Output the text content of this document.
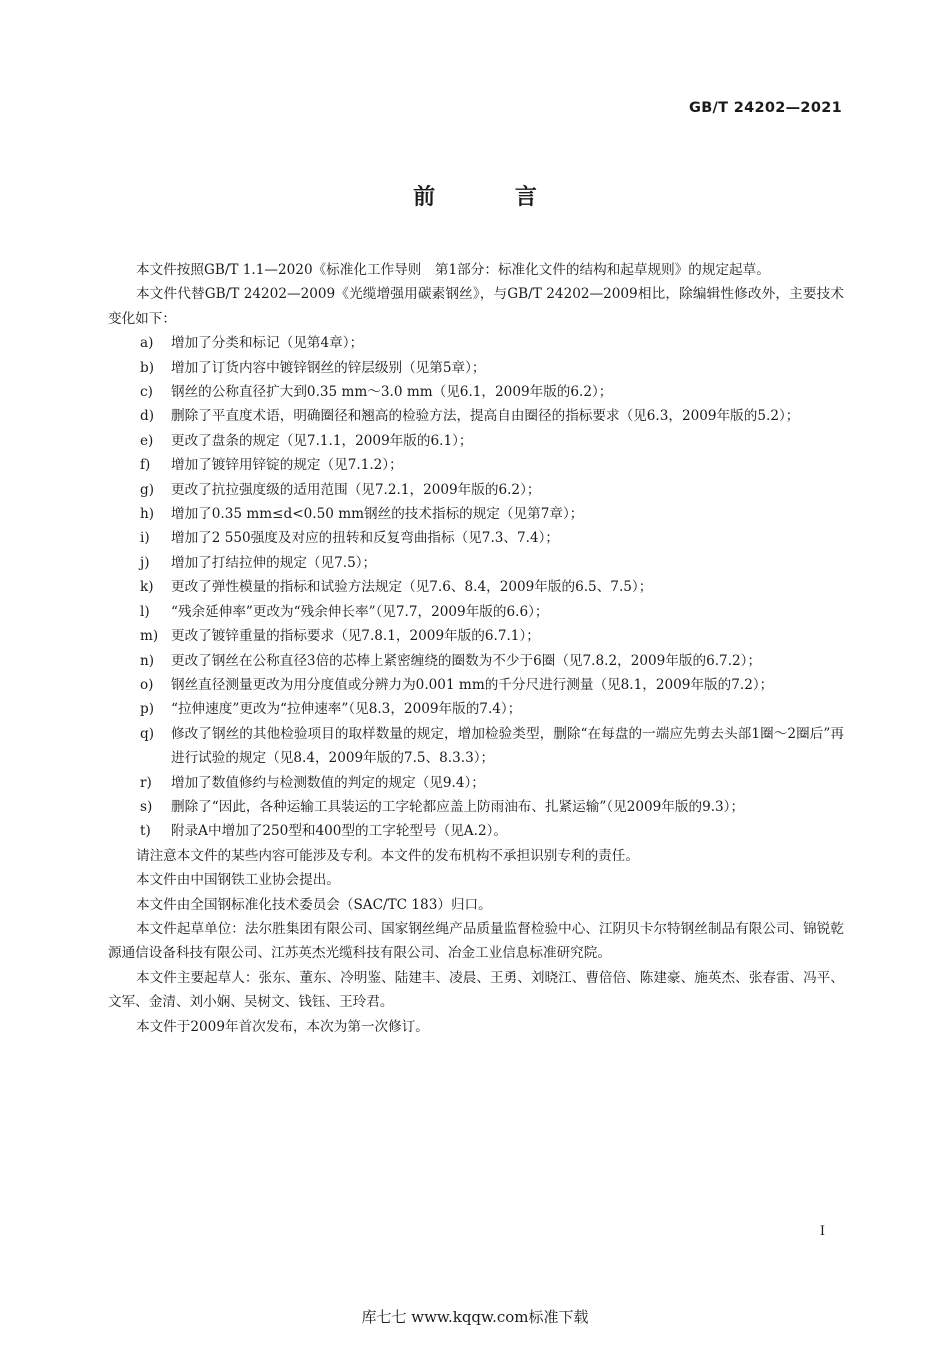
GB/T 24202—2021
前 言

本文件按照GB/T 1.1—2020《标准化工作导则　第1部分：标准化文件的结构和起草规则》的规定起草。

本文件代替GB/T 24202—2009《光缆增强用碳素钢丝》，与GB/T 24202—2009相比，除编辑性修改外，主要技术变化如下：

a)	增加了分类和标记（见第4章）；
b)	增加了订货内容中镀锌钢丝的锌层级别（见第5章）；
c)	钢丝的公称直径扩大到0.35 mm～3.0 mm（见6.1，2009年版的6.2）；
d)	删除了平直度术语，明确圈径和翘高的检验方法，提高自由圈径的指标要求（见6.3，2009年版的5.2）；
e)	更改了盘条的规定（见7.1.1，2009年版的6.1）；
f)	增加了镀锌用锌锭的规定（见7.1.2）；
g)	更改了抗拉强度级的适用范围（见7.2.1，2009年版的6.2）；
h)	增加了0.35 mm≤d<0.50 mm钢丝的技术指标的规定（见第7章）；
i)	增加了2 550强度及对应的扭转和反复弯曲指标（见7.3、7.4）；
j)	增加了打结拉伸的规定（见7.5）；
k)	更改了弹性模量的指标和试验方法规定（见7.6、8.4，2009年版的6.5、7.5）；
l)	“残余延伸率”更改为“残余伸长率”（见7.7，2009年版的6.6）；
m) 更改了镀锌重量的指标要求（见7.8.1，2009年版的6.7.1）；
n)	更改了钢丝在公称直径3倍的芯棒上紧密缠绕的圈数为不少于6圈（见7.8.2，2009年版的6.7.2）；
o)	钢丝直径测量更改为用分度值或分辨力为0.001 mm的千分尺进行测量（见8.1，2009年版的7.2）；
p)	“拉伸速度”更改为“拉伸速率”（见8.3，2009年版的7.4）；
q)	修改了钢丝的其他检验项目的取样数量的规定，增加检验类型，删除“在每盘的一端应先剪去头部1圈～2圈后”再进行试验的规定（见8.4，2009年版的7.5、8.3.3）；
r)	增加了数值修约与检测数值的判定的规定（见9.4）；
s)	删除了“因此，各种运输工具装运的工字轮都应盖上防雨油布、扎紧运输”（见2009年版的9.3）；
t)	附录A中增加了250型和400型的工字轮型号（见A.2）。

请注意本文件的某些内容可能涉及专利。本文件的发布机构不承担识别专利的责任。

本文件由中国钢铁工业协会提出。

本文件由全国钢标准化技术委员会（SAC/TC 183）归口。

本文件起草单位：法尔胜集团有限公司、国家钢丝绳产品质量监督检验中心、江阴贝卡尔特钢丝制品有限公司、锦锐乾源通信设备科技有限公司、江苏英杰光缆科技有限公司、冶金工业信息标准研究院。

本文件主要起草人：张东、董东、冷明鉴、陆建丰、凌晨、王勇、刘晓江、曹倍倍、陈建豪、施英杰、张春雷、冯平、文军、金清、刘小娴、吴树文、钱钰、王玲君。

本文件于2009年首次发布，本次为第一次修订。

I
库七七 www.kqqw.com标准下载
